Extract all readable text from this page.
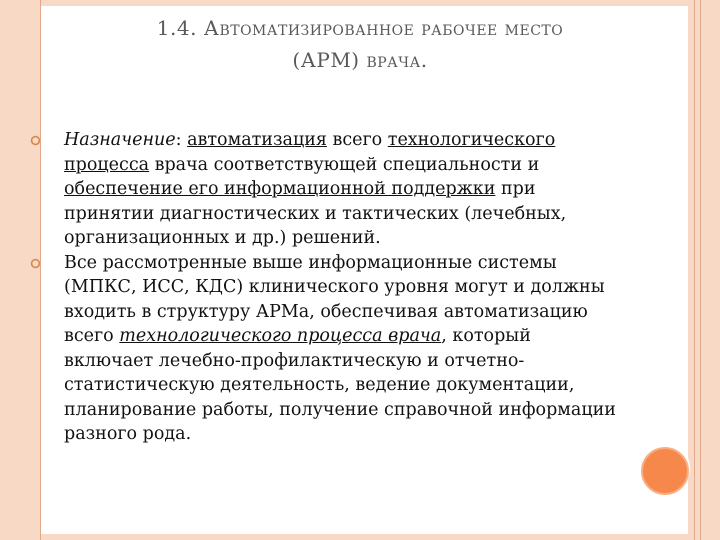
1.4. Автоматизированное рабочее место
(АРМ) врача.
Назначение: автоматизация всего технологического процесса врача соответствующей специальности и обеспечение его информационной поддержки при принятии диагностических и тактических (лечебных, организационных и др.) решений.
Все рассмотренные выше информационные системы (МПКС, ИСС, КДС) клинического уровня могут и должны входить в структуру АРМа, обеспечивая автоматизацию всего технологического процесса врача, который включает лечебно-профилактическую и отчетно-статистическую деятельность, ведение документации, планирование работы, получение справочной информации разного рода.
